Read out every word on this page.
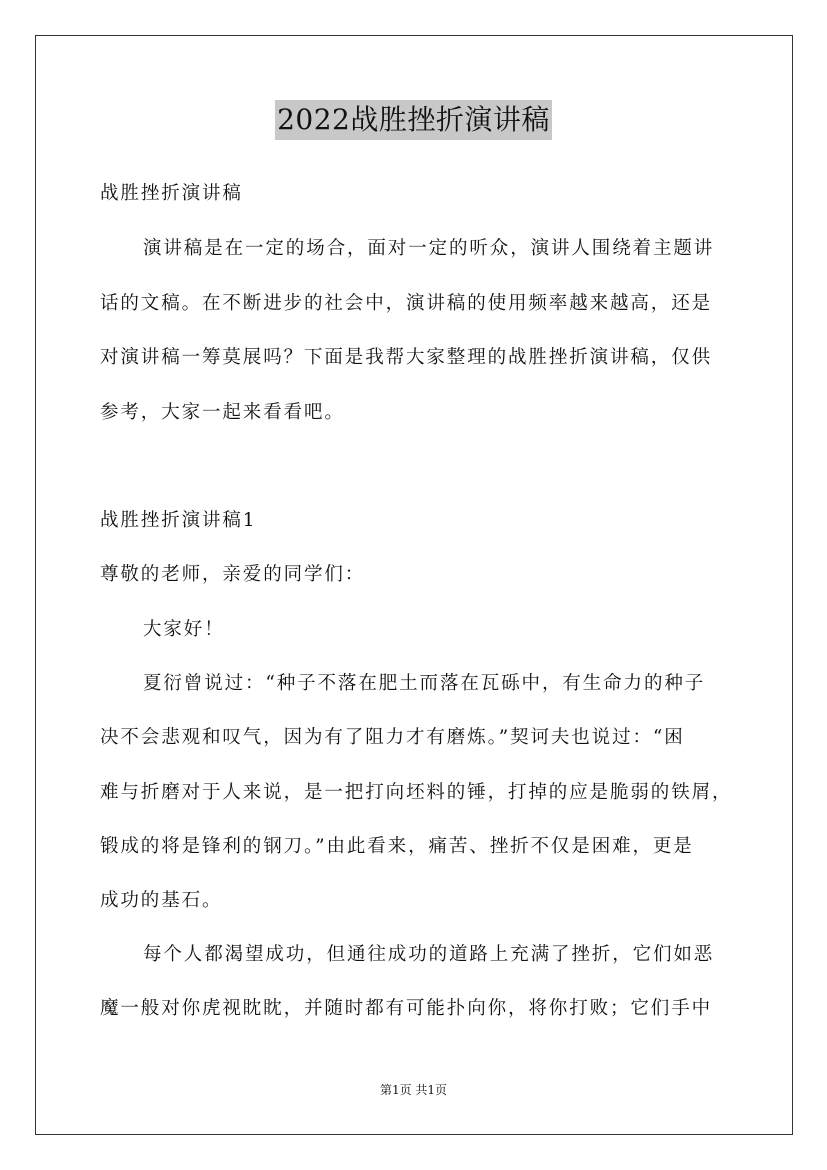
2022战胜挫折演讲稿
战胜挫折演讲稿
演讲稿是在一定的场合，面对一定的听众，演讲人围绕着主题讲
话的文稿。在不断进步的社会中，演讲稿的使用频率越来越高，还是
对演讲稿一筹莫展吗？下面是我帮大家整理的战胜挫折演讲稿，仅供
参考，大家一起来看看吧。
战胜挫折演讲稿1
尊敬的老师，亲爱的同学们：
大家好！
夏衍曾说过：“种子不落在肥土而落在瓦砾中，有生命力的种子
决不会悲观和叹气，因为有了阻力才有磨炼。”契诃夫也说过：“困
难与折磨对于人来说，是一把打向坯料的锤，打掉的应是脆弱的铁屑，
锻成的将是锋利的钢刀。”由此看来，痛苦、挫折不仅是困难，更是
成功的基石。
每个人都渴望成功，但通往成功的道路上充满了挫折，它们如恶
魔一般对你虎视眈眈，并随时都有可能扑向你，将你打败；它们手中
第1页 共1页
